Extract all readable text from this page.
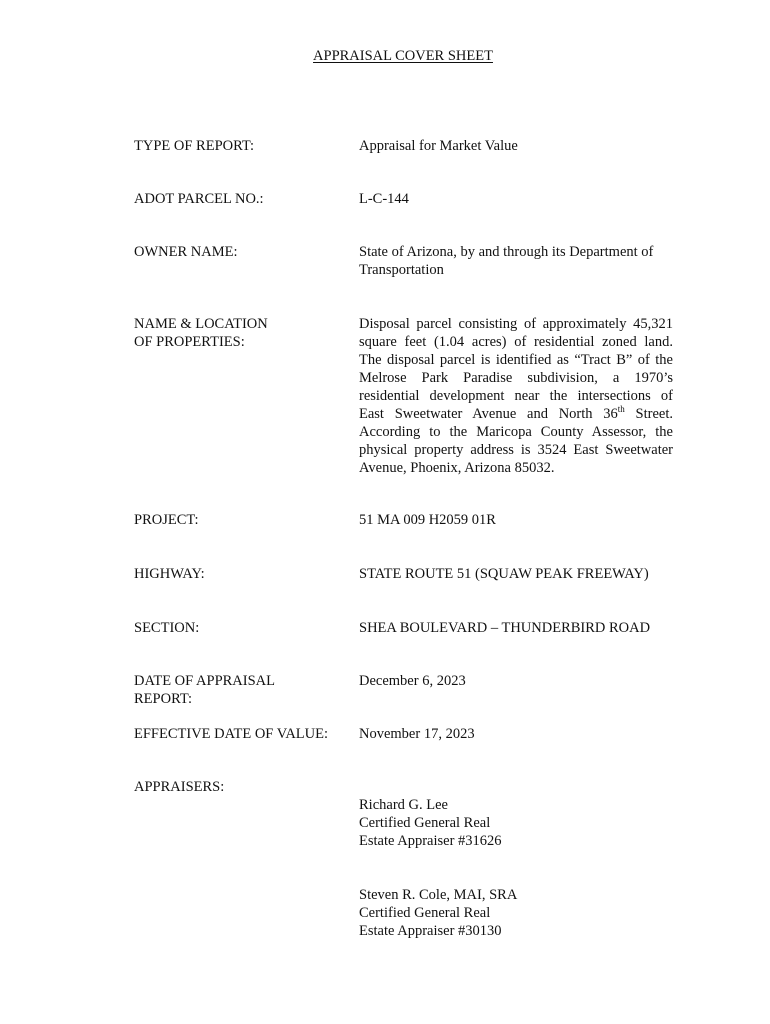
APPRAISAL COVER SHEET
TYPE OF REPORT:	Appraisal for Market Value
ADOT PARCEL NO.:	L-C-144
OWNER NAME:	State of Arizona, by and through its Department of
Transportation
NAME & LOCATION
OF PROPERTIES:
Disposal parcel consisting of approximately 45,321
square feet (1.04 acres) of residential zoned land.
The disposal parcel is identified as “Tract B” of the
Melrose Park Paradise subdivision, a 1970’s
residential development near the intersections of
East Sweetwater Avenue and North 36th Street.
According to the Maricopa County Assessor, the
physical property address is 3524 East Sweetwater
Avenue, Phoenix, Arizona 85032.
PROJECT:	51 MA 009 H2059 01R
HIGHWAY:	STATE ROUTE 51 (SQUAW PEAK FREEWAY)
SECTION:	SHEA BOULEVARD – THUNDERBIRD ROAD
DATE OF APPRAISAL
REPORT:
December 6, 2023
EFFECTIVE DATE OF VALUE:	November 17, 2023
APPRAISERS:

Richard G. Lee
Certified General Real
Estate Appraiser #31626

Steven R. Cole, MAI, SRA
Certified General Real
Estate Appraiser #30130
